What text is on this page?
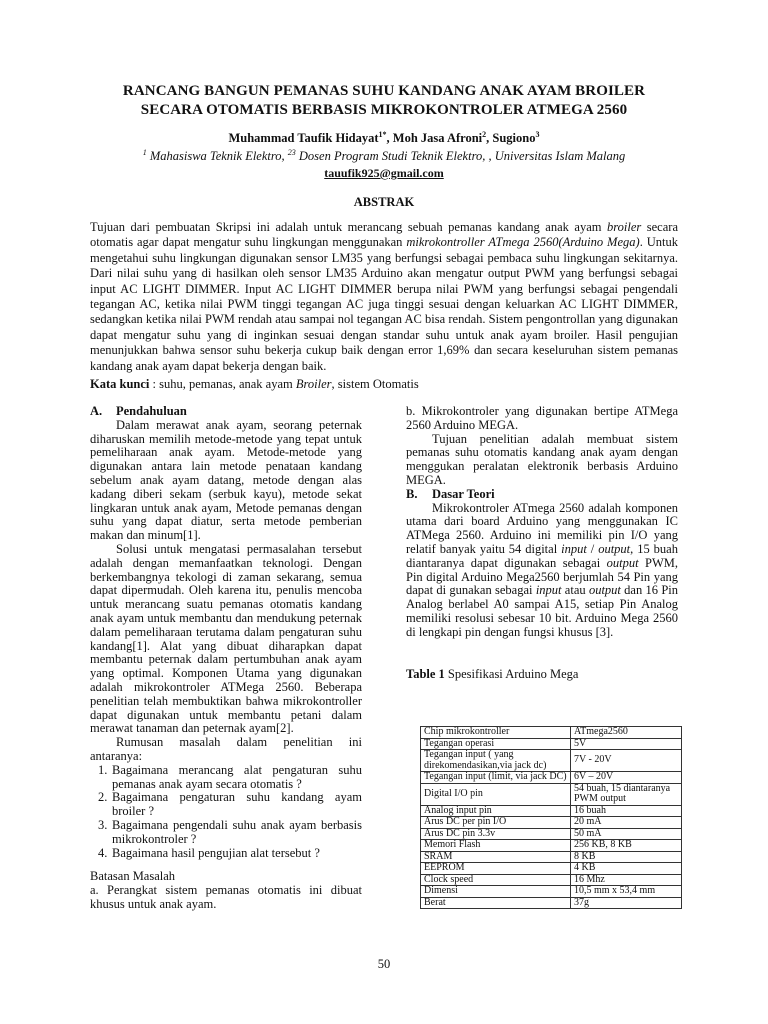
RANCANG BANGUN PEMANAS SUHU KANDANG ANAK AYAM BROILER
SECARA OTOMATIS BERBASIS MIKROKONTROLER ATMEGA 2560
Muhammad Taufik Hidayat$^{1*}$, Moh Jasa Afroni$^2$, Sugiono$^3$
$^1$ Mahasiswa Teknik Elektro, $^{23}$ Dosen Program Studi Teknik Elektro, , Universitas Islam Malang
tauufik925@gmail.com
ABSTRAK

Tujuan dari pembuatan Skripsi ini adalah untuk merancang sebuah pemanas kandang anak ayam broiler secara otomatis agar dapat mengatur suhu lingkungan menggunakan mikrokontroller ATmega 2560(Arduino Mega). Untuk mengetahui suhu lingkungan digunakan sensor LM35 yang berfungsi sebagai pembaca suhu lingkungan sekitarnya. Dari nilai suhu yang di hasilkan oleh sensor LM35 Arduino akan mengatur output PWM yang berfungsi sebagai input AC LIGHT DIMMER. Input AC LIGHT DIMMER berupa nilai PWM yang berfungsi sebagai pengendali tegangan AC, ketika nilai PWM tinggi tegangan AC juga tinggi sesuai dengan keluarkan AC LIGHT DIMMER, sedangkan ketika nilai PWM rendah atau sampai nol tegangan AC bisa rendah. Sistem pengontrollan yang digunakan dapat mengatur suhu yang di inginkan sesuai dengan standar suhu untuk anak ayam broiler. Hasil pengujian menunjukkan bahwa sensor suhu bekerja cukup baik dengan error 1,69% dan secara keseluruhan sistem pemanas kandang anak ayam dapat bekerja dengan baik.

Kata kunci : suhu, pemanas, anak ayam Broiler, sistem Otomatis
A. Pendahuluan

Dalam merawat anak ayam, seorang peternak diharuskan memilih metode-metode yang tepat untuk pemeliharaan anak ayam. Metode-metode yang digunakan antara lain metode penataan kandang sebelum anak ayam datang, metode dengan alas kadang diberi sekam (serbuk kayu), metode sekat lingkaran untuk anak ayam, Metode pemanas dengan suhu yang dapat diatur, serta metode pemberian makan dan minum[1].

Solusi untuk mengatasi permasalahan tersebut adalah dengan memanfaatkan teknologi. Dengan berkembangnya tekologi di zaman sekarang, semua dapat dipermudah. Oleh karena itu, penulis mencoba untuk merancang suatu pemanas otomatis kandang anak ayam untuk membantu dan mendukung peternak dalam pemeliharaan terutama dalam pengaturan suhu kandang[1]. Alat yang dibuat diharapkan dapat membantu peternak dalam pertumbuhan anak ayam yang optimal. Komponen Utama yang digunakan adalah mikrokontroler ATMega 2560. Beberapa penelitian telah membuktikan bahwa mikrokontroller dapat digunakan untuk membantu petani dalam merawat tanaman dan peternak ayam[2].

Rumusan masalah dalam penelitian ini antaranya:

1. Bagaimana merancang alat pengaturan suhu pemanas anak ayam secara otomatis ?
2. Bagaimana pengaturan suhu kandang ayam broiler ?
3. Bagaimana pengendali suhu anak ayam berbasis mikrokontroler ?
4. Bagaimana hasil pengujian alat tersebut ?

Batasan Masalah

a. Perangkat sistem pemanas otomatis ini dibuat khusus untuk anak ayam.

b. Mikrokontroler yang digunakan bertipe ATMega 2560 Arduino MEGA.

Tujuan penelitian adalah membuat sistem pemanas suhu otomatis kandang anak ayam dengan menggukan peralatan elektronik berbasis Arduino MEGA.

B. Dasar Teori

Mikrokontroler ATmega 2560 adalah komponen utama dari board Arduino yang menggunakan IC ATMega 2560. Arduino ini memiliki pin I/O yang relatif banyak yaitu 54 digital input / output, 15 buah diantaranya dapat digunakan sebagai output PWM, Pin digital Arduino Mega2560 berjumlah 54 Pin yang dapat di gunakan sebagai input atau output dan 16 Pin Analog berlabel A0 sampai A15, setiap Pin Analog memiliki resolusi sebesar 10 bit. Arduino Mega 2560 di lengkapi pin dengan fungsi khusus [3].

Table 1 Spesifikasi Arduino Mega
Chip mikrokontroller	ATmega2560
Tegangan operasi	5V
Tegangan input ( yang direkomendasikan,via jack dc)	7V - 20V
Tegangan input (limit, via jack DC)	6V – 20V
Digital I/O pin	54 buah, 15 diantaranya PWM output
Analog input pin	16 buah
Arus DC per pin I/O	20 mA
Arus DC pin 3.3v	50 mA
Memori Flash	256 KB, 8 KB
SRAM	8 KB
EEPROM	4 KB
Clock speed	16 Mhz
Dimensi	10,5 mm x 53,4 mm
Berat	37g
50
